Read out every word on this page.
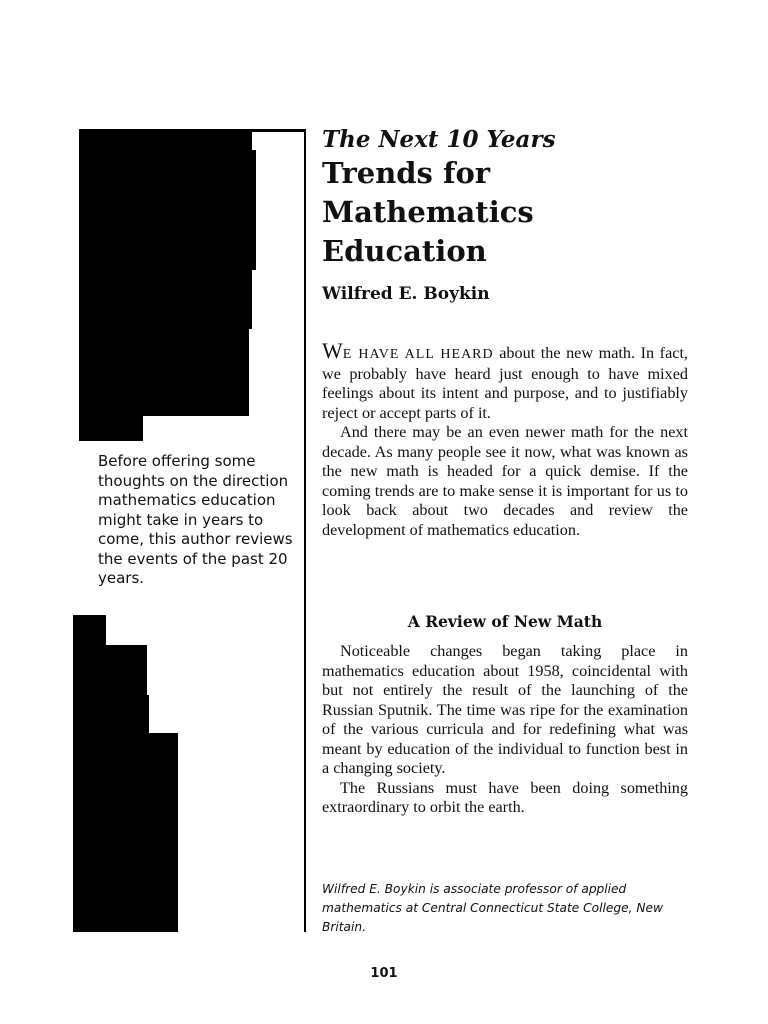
Before offering some thoughts on the direction mathematics education might take in years to come, this author reviews the events of the past 20 years.
The Next 10 Years
Trends for Mathematics Education
Wilfred E. Boykin

WE HAVE ALL HEARD about the new math. In fact, we probably have heard just enough to have mixed feelings about its intent and purpose, and to justifiably reject or accept parts of it.

And there may be an even newer math for the next decade. As many people see it now, what was known as the new math is headed for a quick demise. If the coming trends are to make sense it is important for us to look back about two decades and review the development of mathematics education.

A Review of New Math

Noticeable changes began taking place in mathematics education about 1958, coincidental with but not entirely the result of the launching of the Russian Sputnik. The time was ripe for the examination of the various curricula and for redefining what was meant by education of the individual to function best in a changing society.

The Russians must have been doing something extraordinary to orbit the earth.

Wilfred E. Boykin is associate professor of applied mathematics at Central Connecticut State College, New Britain.
101
